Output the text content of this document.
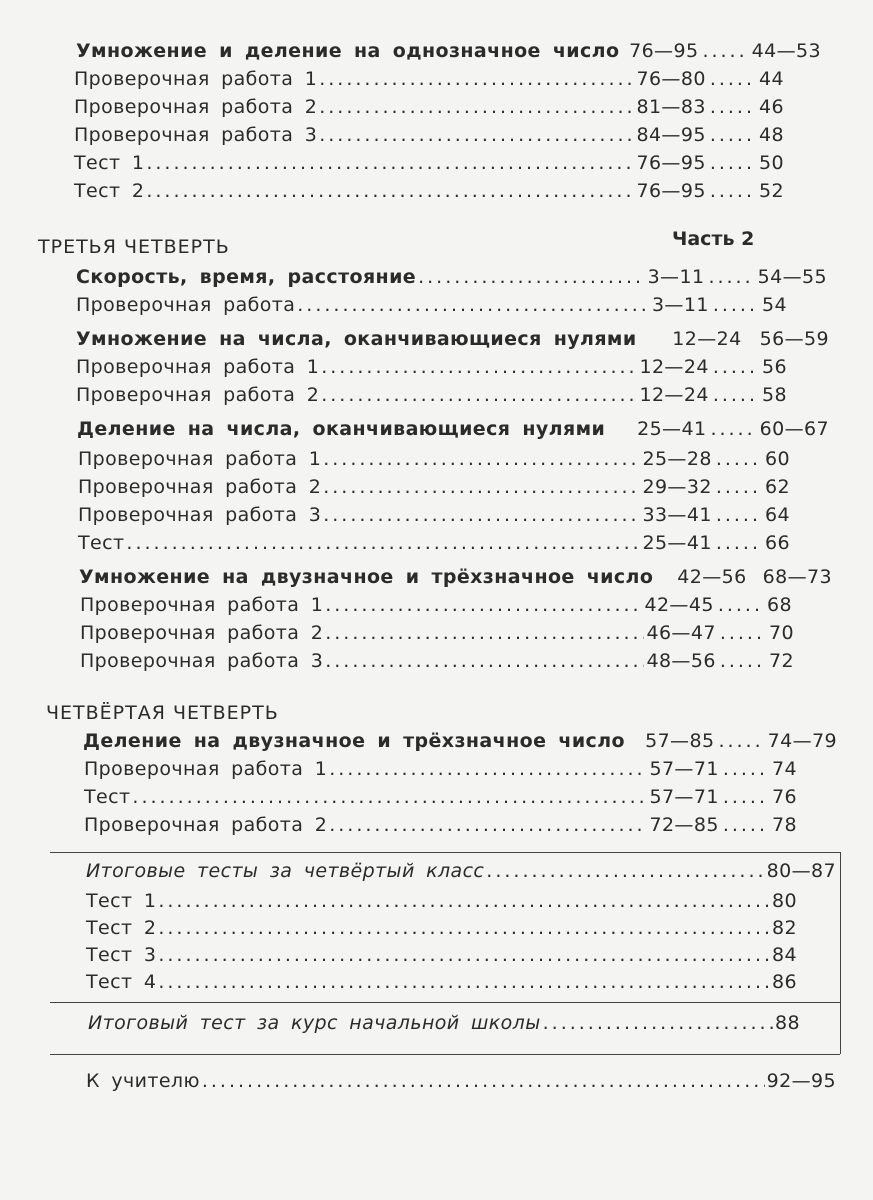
Умножение и деление на однозначное число 76—95 ..... 44—53
Проверочная работа 1 .....	76—80 ..... 44
Проверочная работа 2 .....	81—83 ..... 46
Проверочная работа 3 .....	84—95 ..... 48
Тест 1 .....	76—95 ..... 50
Тест 2 .....	76—95 ..... 52
ТРЕТЬЯ ЧЕТВЕРТЬ	Часть 2
Скорость, время, расстояние .....	3—11 ..... 54—55
Проверочная работа .....	3—11 ..... 54
Умножение на числа, оканчивающиеся нулями 12—24 56—59
Проверочная работа 1 .....	12—24 ..... 56
Проверочная работа 2 .....	12—24 ..... 58
Деление на числа, оканчивающиеся нулями 25—41 ..... 60—67
Проверочная работа 1 .....	25—28 ..... 60
Проверочная работа 2 .....	29—32 ..... 62
Проверочная работа 3 .....	33—41 ..... 64
Тест .....	25—41 ..... 66
Умножение на двузначное и трёхзначное число 42—56 68—73
Проверочная работа 1 .....	42—45 ..... 68
Проверочная работа 2 .....	46—47 ..... 70
Проверочная работа 3 .....	48—56 ..... 72
ЧЕТВЁРТАЯ ЧЕТВЕРТЬ
Деление на двузначное и трёхзначное число 57—85 ..... 74—79
Проверочная работа 1 .....	57—71 ..... 74
Тест .....	57—71 ..... 76
Проверочная работа 2 .....	72—85 ..... 78
Итоговые тесты за четвёртый класс .....	80—87
Тест 1 .....	80
Тест 2 .....	82
Тест 3 .....	84
Тест 4 .....	86
Итоговый тест за курс начальной школы .....	88
К учителю .....	92—95
